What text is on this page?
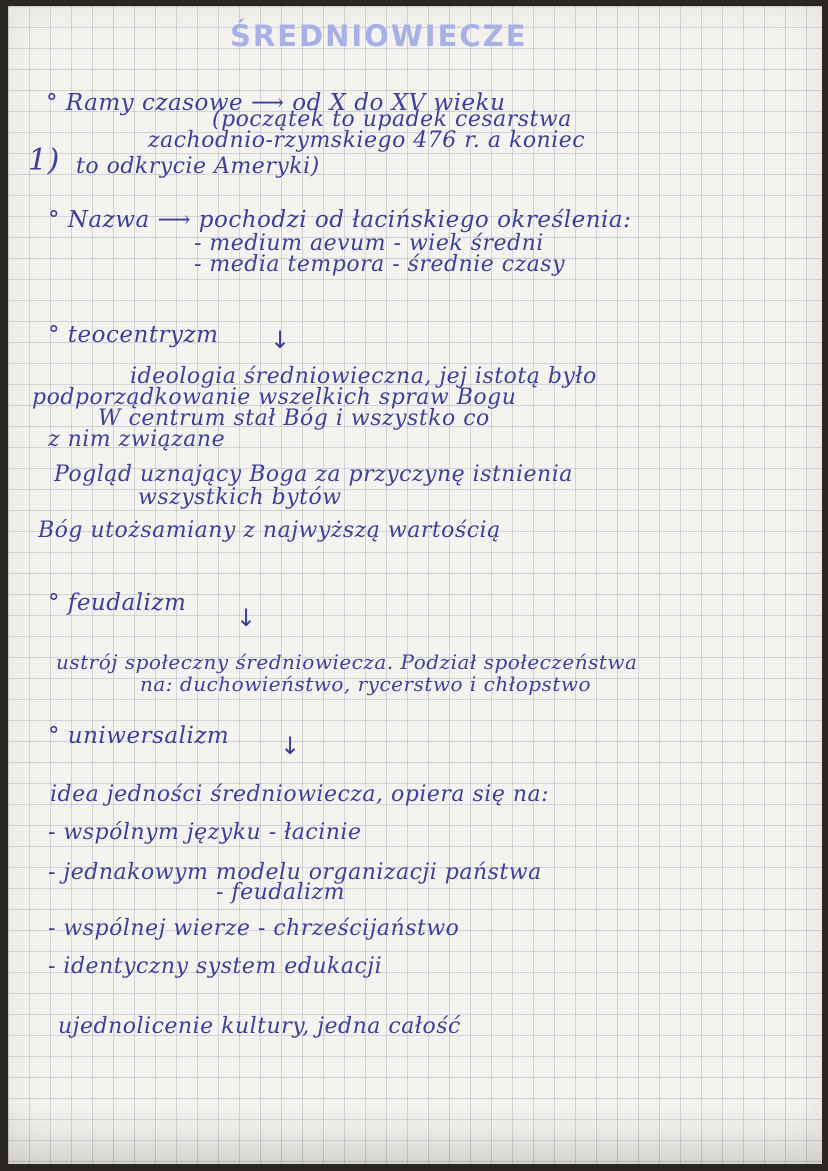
ŚREDNIOWIECZE
° Ramy czasowe ⟶ od X do XV wieku
(początek to upadek cesarstwa
zachodnio-rzymskiego 476 r. a koniec
1) to odkrycie Ameryki)
° Nazwa ⟶ pochodzi od łacińskiego określenia:
- medium aevum - wiek średni
- media tempora - średnie czasy
° teocentryzm ↓
ideologia średniowieczna, jej istotą było
podporządkowanie wszelkich spraw Bogu
W centrum stał Bóg i wszystko co
z nim związane
Pogląd uznający Boga za przyczynę istnienia
wszystkich bytów
Bóg utożsamiany z najwyższą wartością
° feudalizm
↓
ustrój społeczny średniowiecza. Podział społeczeństwa
na: duchowieństwo, rycerstwo i chłopstwo
° uniwersalizm ↓
idea jedności średniowiecza, opiera się na:
- wspólnym języku - łacinie
- jednakowym modelu organizacji państwa
- feudalizm
- wspólnej wierze - chrześcijaństwo
- identyczny system edukacji
ujednolicenie kultury, jedna całość
